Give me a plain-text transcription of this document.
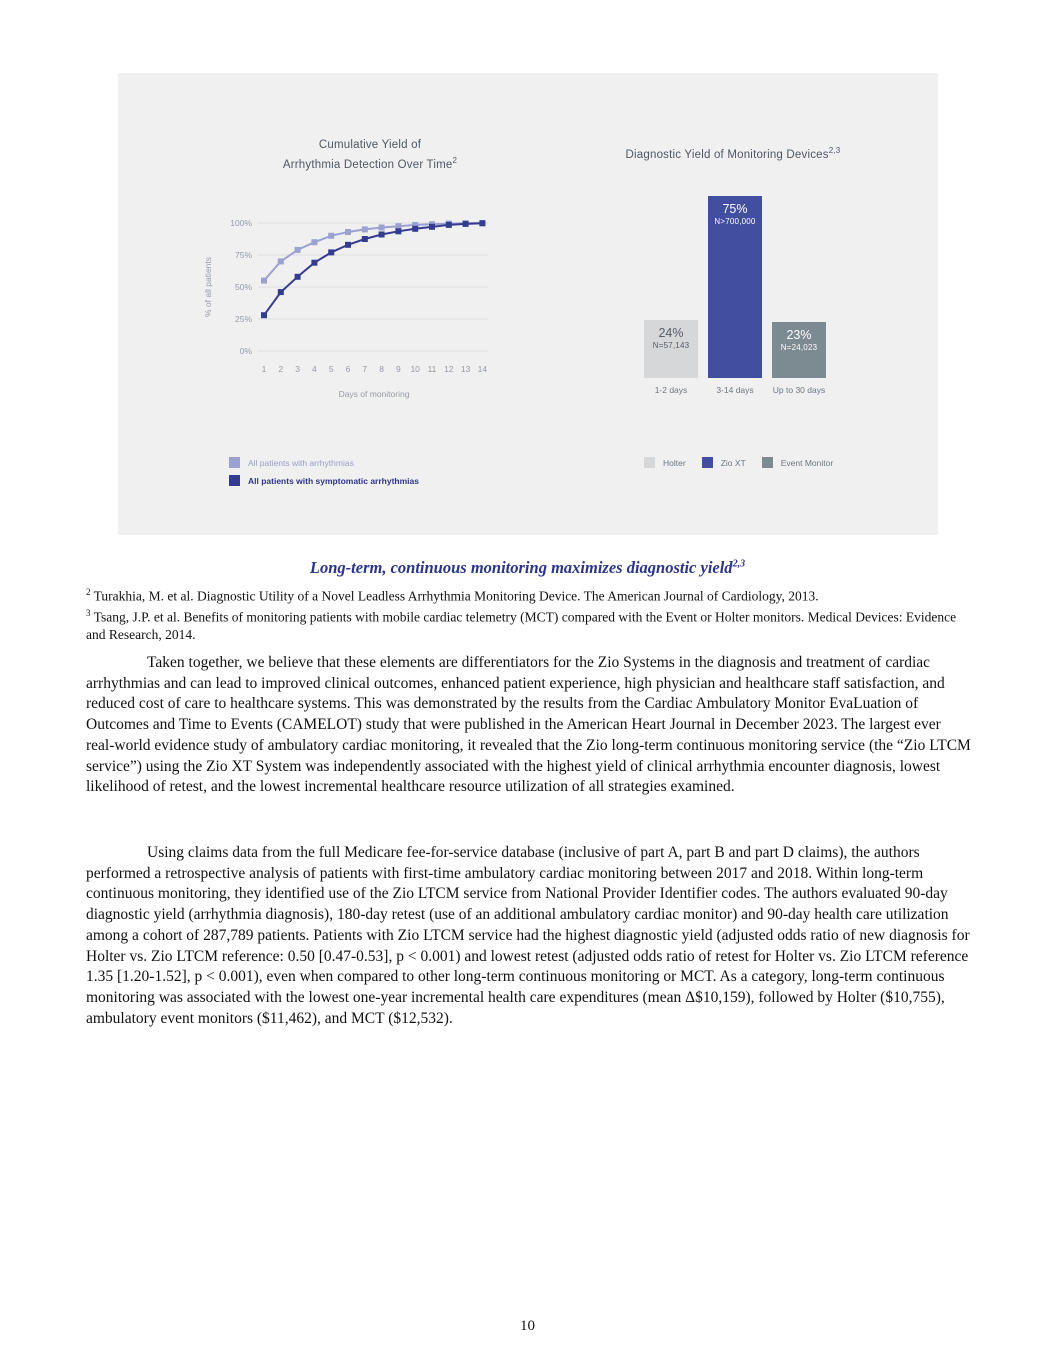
Cumulative Yield of
Arrhythmia Detection Over Time$^2$
0%
25%
50%
75%
100%
1 2 3 4 5 6 7 8 9 10 11 12 13 14
% of all patients
Days of monitoring
All patients with arrhythmias
All patients with symptomatic arrhythmias
Diagnostic Yield of Monitoring Devices$^{2,3}$
24%
N=57,143
75%
N>700,000
23%
N=24,023
1-2 days	3-14 days Up to 30 days
Holter	Zio XT	Event Monitor
Long-term, continuous monitoring maximizes diagnostic yield$^{2,3}$
$^2$ Turakhia, M. et al. Diagnostic Utility of a Novel Leadless Arrhythmia Monitoring Device. The American Journal of Cardiology, 2013.
$^3$ Tsang, J.P. et al. Benefits of monitoring patients with mobile cardiac telemetry (MCT) compared with the Event or Holter monitors. Medical Devices: Evidence and Research, 2014.

Taken together, we believe that these elements are differentiators for the Zio Systems in the diagnosis and treatment of cardiac arrhythmias and can lead to improved clinical outcomes, enhanced patient experience, high physician and healthcare staff satisfaction, and reduced cost of care to healthcare systems. This was demonstrated by the results from the Cardiac Ambulatory Monitor EvaLuation of Outcomes and Time to Events (CAMELOT) study that were published in the American Heart Journal in December 2023. The largest ever real-world evidence study of ambulatory cardiac monitoring, it revealed that the Zio long-term continuous monitoring service (the “Zio LTCM service”) using the Zio XT System was independently associated with the highest yield of clinical arrhythmia encounter diagnosis, lowest likelihood of retest, and the lowest incremental healthcare resource utilization of all strategies examined.

Using claims data from the full Medicare fee-for-service database (inclusive of part A, part B and part D claims), the authors performed a retrospective analysis of patients with first-time ambulatory cardiac monitoring between 2017 and 2018. Within long-term continuous monitoring, they identified use of the Zio LTCM service from National Provider Identifier codes. The authors evaluated 90-day diagnostic yield (arrhythmia diagnosis), 180-day retest (use of an additional ambulatory cardiac monitor) and 90-day health care utilization among a cohort of 287,789 patients. Patients with Zio LTCM service had the highest diagnostic yield (adjusted odds ratio of new diagnosis for Holter vs. Zio LTCM reference: 0.50 [0.47-0.53], p < 0.001) and lowest retest (adjusted odds ratio of retest for Holter vs. Zio LTCM reference 1.35 [1.20-1.52], p < 0.001), even when compared to other long-term continuous monitoring or MCT. As a category, long-term continuous monitoring was associated with the lowest one-year incremental health care expenditures (mean Δ$10,159), followed by Holter ($10,755), ambulatory event monitors ($11,462), and MCT ($12,532).

10
